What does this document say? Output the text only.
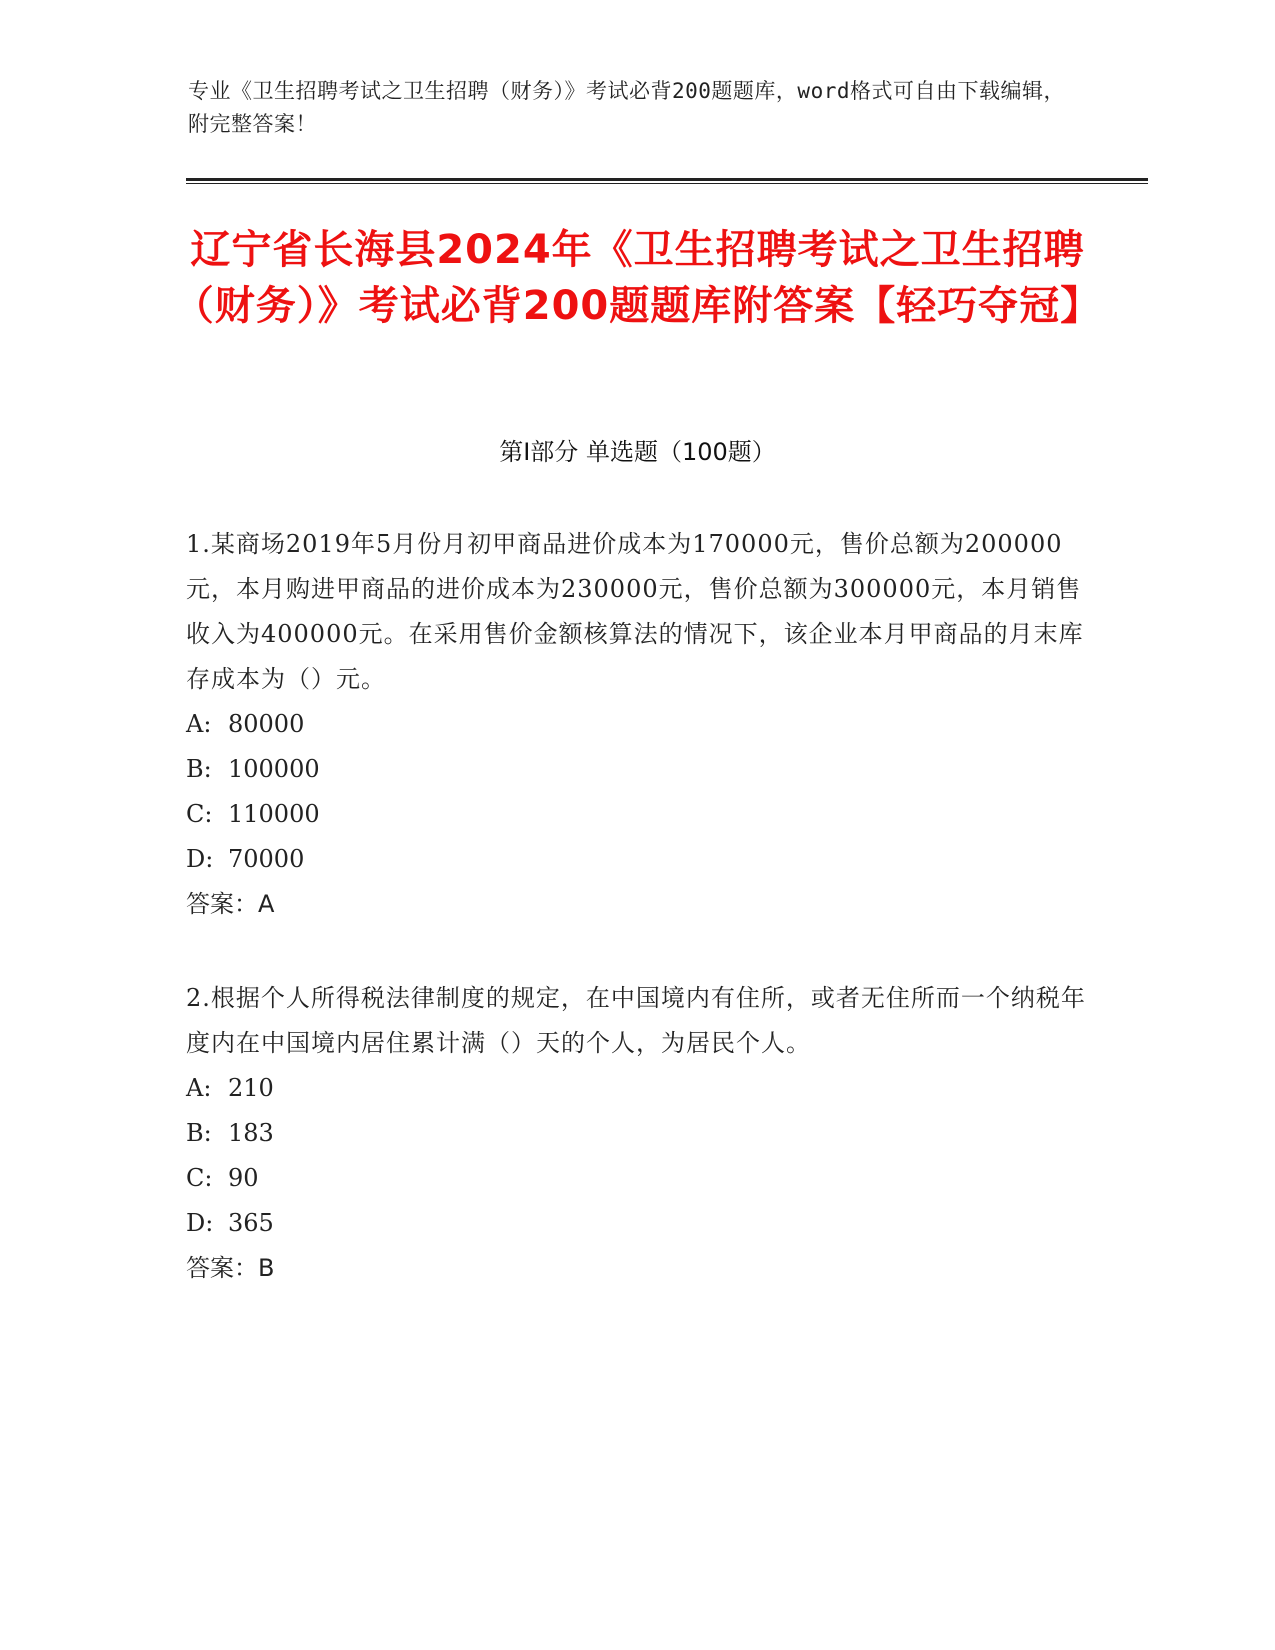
专业《卫生招聘考试之卫生招聘（财务）》考试必背200题题库，word格式可自由下载编辑，附完整答案！
辽宁省长海县2024年《卫生招聘考试之卫生招聘（财务）》考试必背200题题库附答案【轻巧夺冠】
第I部分 单选题（100题）
1.某商场2019年5月份月初甲商品进价成本为170000元，售价总额为200000元，本月购进甲商品的进价成本为230000元，售价总额为300000元，本月销售收入为400000元。在采用售价金额核算法的情况下，该企业本月甲商品的月末库存成本为（）元。
A: 80000
B: 100000
C: 110000
D: 70000
答案：A
2.根据个人所得税法律制度的规定，在中国境内有住所，或者无住所而一个纳税年度内在中国境内居住累计满（）天的个人，为居民个人。
A: 210
B: 183
C: 90
D: 365
答案：B
